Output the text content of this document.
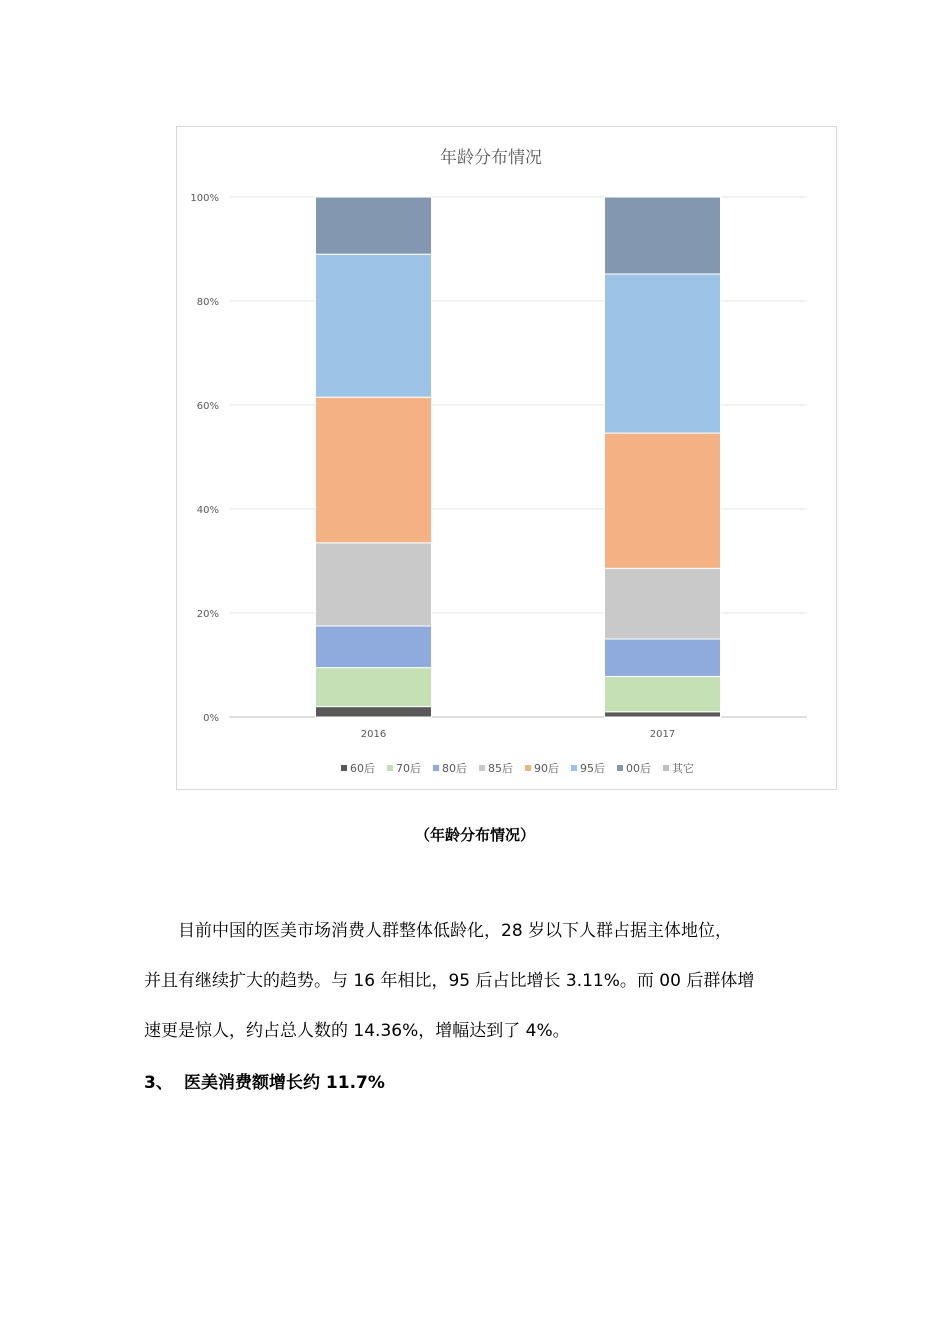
年龄分布情况
0%
20%
40%
60%
80%
100%
2016	2017
60后 70后 80后 85后 90后 95后 00后 其它
（年龄分布情况）
目前中国的医美市场消费人群整体低龄化，28 岁以下人群占据主体地位，
并且有继续扩大的趋势。与 16 年相比，95 后占比增长 3.11%。而 00 后群体增
速更是惊人，约占总人数的 14.36%，增幅达到了 4%。
3、 医美消费额增长约 11.7%
